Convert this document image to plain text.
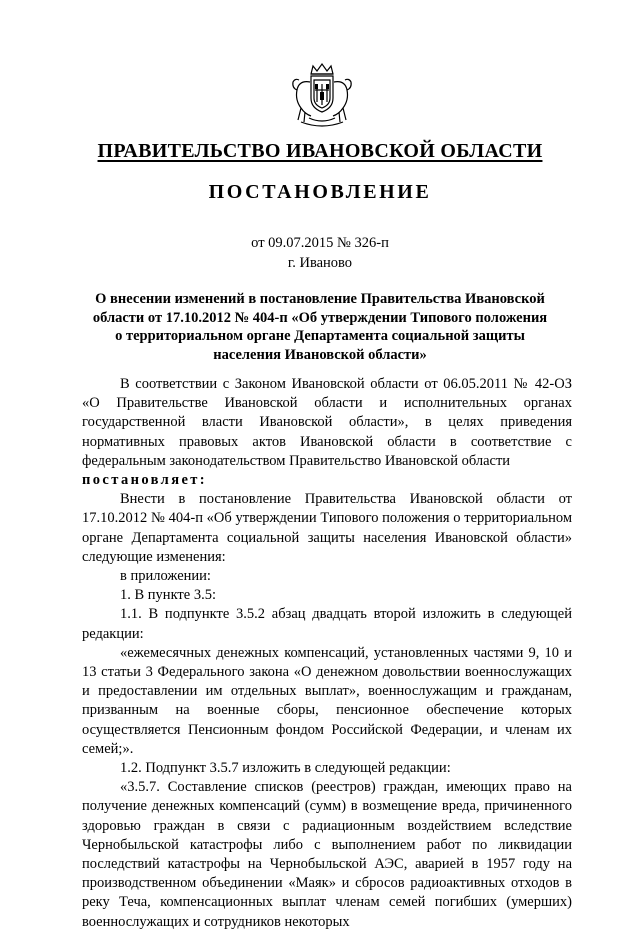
ПРАВИТЕЛЬСТВО ИВАНОВСКОЙ ОБЛАСТИ
ПОСТАНОВЛЕНИЕ
от 09.07.2015 № 326-п
г. Иваново
О внесении изменений в постановление Правительства Ивановской области от 17.10.2012 № 404-п «Об утверждении Типового положения о территориальном органе Департамента социальной защиты населения Ивановской области»

В соответствии с Законом Ивановской области от 06.05.2011 № 42-ОЗ «О Правительстве Ивановской области и исполнительных органах государственной власти Ивановской области», в целях приведения нормативных правовых актов Ивановской области в соответствие с федеральным законодательством Правительство Ивановской области

постановляет:

Внести в постановление Правительства Ивановской области от 17.10.2012 № 404-п «Об утверждении Типового положения о территориальном органе Департамента социальной защиты населения Ивановской области» следующие изменения:

в приложении:

1. В пункте 3.5:

1.1. В подпункте 3.5.2 абзац двадцать второй изложить в следующей редакции:

«ежемесячных денежных компенсаций, установленных частями 9, 10 и 13 статьи 3 Федерального закона «О денежном довольствии военнослужащих и предоставлении им отдельных выплат», военнослужащим и гражданам, призванным на военные сборы, пенсионное обеспечение которых осуществляется Пенсионным фондом Российской Федерации, и членам их семей;».

1.2. Подпункт 3.5.7 изложить в следующей редакции:

«3.5.7. Составление списков (реестров) граждан, имеющих право на получение денежных компенсаций (сумм) в возмещение вреда, причиненного здоровью граждан в связи с радиационным воздействием вследствие Чернобыльской катастрофы либо с выполнением работ по ликвидации последствий катастрофы на Чернобыльской АЭС, аварией в 1957 году на производственном объединении «Маяк» и сбросов радиоактивных отходов в реку Теча, компенсационных выплат членам семей погибших (умерших) военнослужащих и сотрудников некоторых
